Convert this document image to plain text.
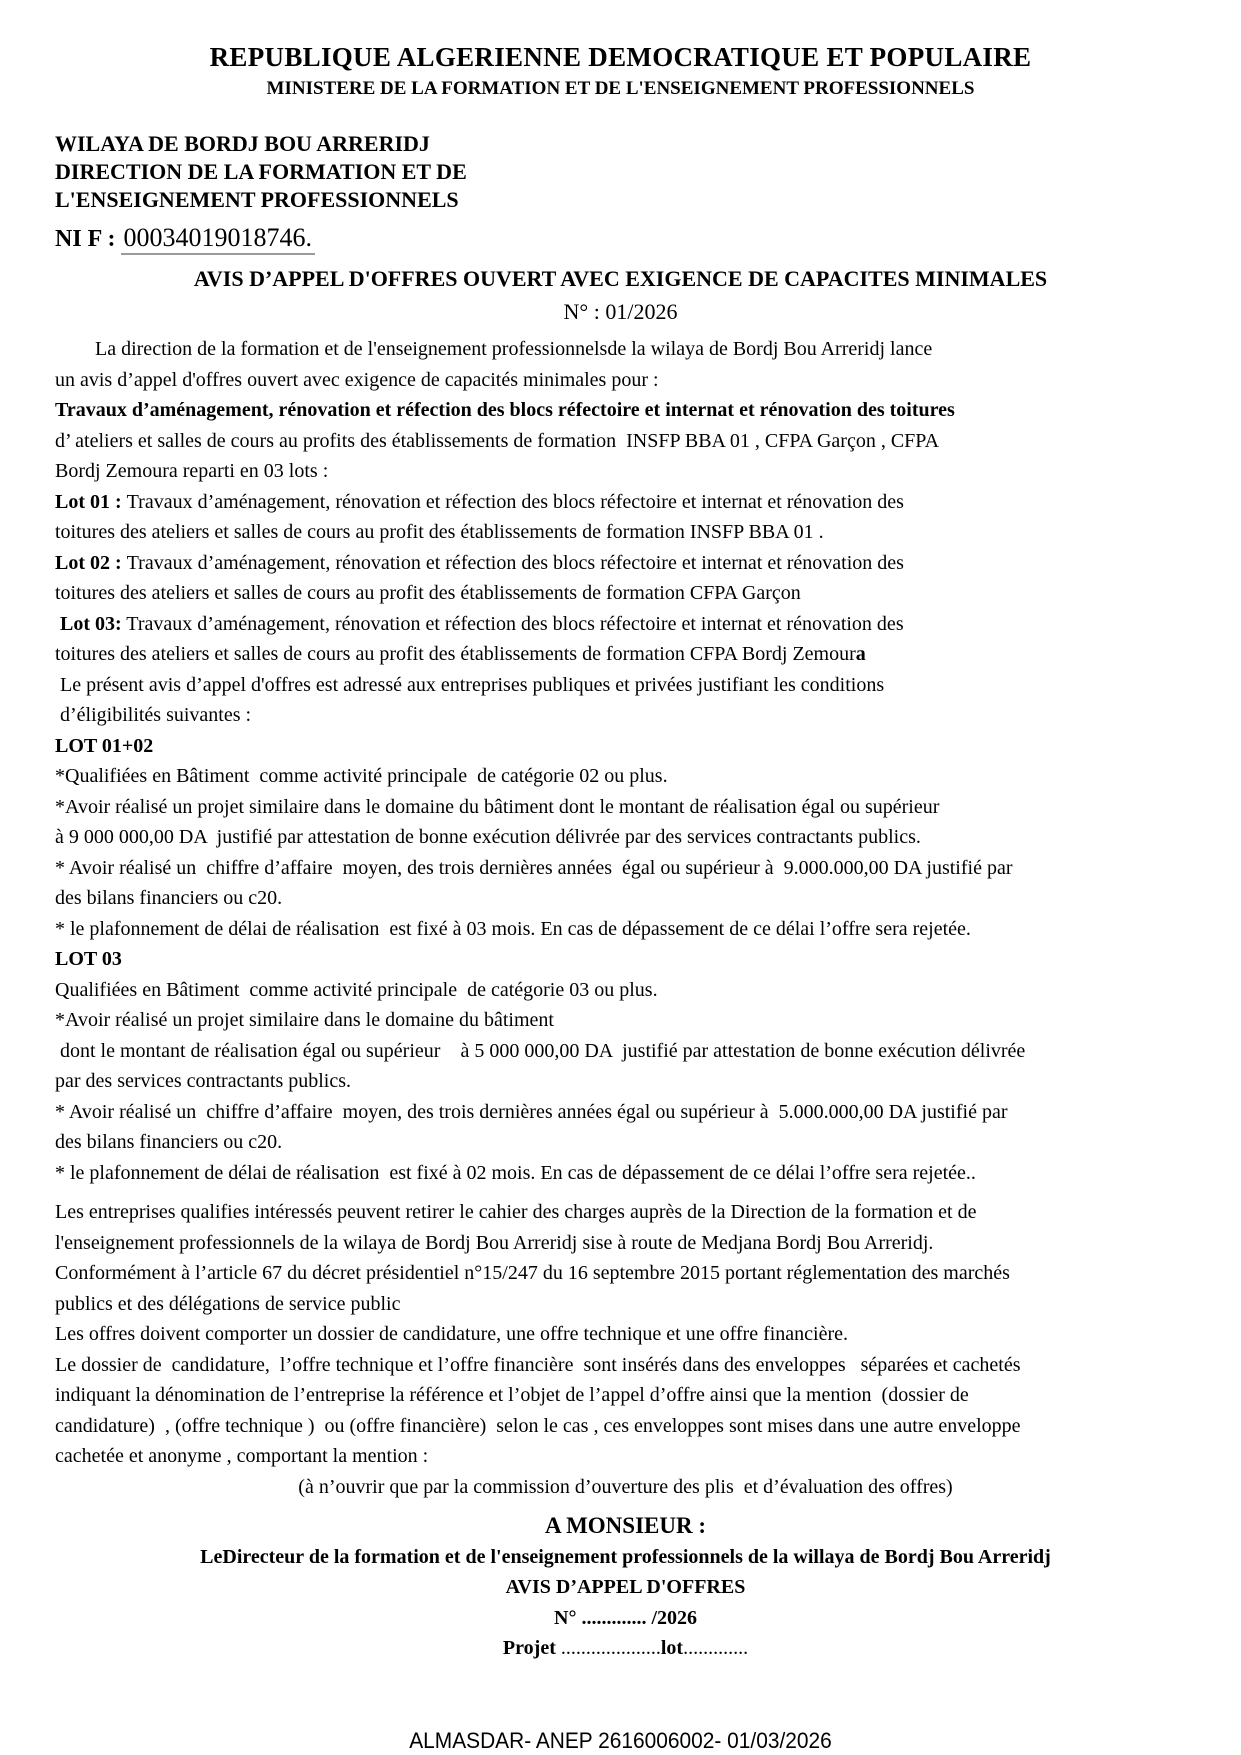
REPUBLIQUE ALGERIENNE DEMOCRATIQUE ET POPULAIRE
MINISTERE DE LA FORMATION ET DE L'ENSEIGNEMENT PROFESSIONNELS
WILAYA DE BORDJ BOU ARRERIDJ
DIRECTION DE LA FORMATION ET DE
L'ENSEIGNEMENT PROFESSIONNELS
NI F : 00034019018746.
AVIS D’APPEL D'OFFRES OUVERT AVEC EXIGENCE DE CAPACITES MINIMALES
N° : 01/2026
La direction de la formation et de l'enseignement professionnelsde la wilaya de Bordj Bou Arreridj lance
un avis d’appel d'offres ouvert avec exigence de capacités minimales pour :
Travaux d’aménagement, rénovation et réfection des blocs réfectoire et internat et rénovation des toitures
d’ ateliers et salles de cours au profits des établissements de formation  INSFP BBA 01 , CFPA Garçon , CFPA
Bordj Zemoura reparti en 03 lots :
Lot 01 : Travaux d’aménagement, rénovation et réfection des blocs réfectoire et internat et rénovation des
toitures des ateliers et salles de cours au profit des établissements de formation INSFP BBA 01 .
Lot 02 : Travaux d’aménagement, rénovation et réfection des blocs réfectoire et internat et rénovation des
toitures des ateliers et salles de cours au profit des établissements de formation CFPA Garçon
Lot 03: Travaux d’aménagement, rénovation et réfection des blocs réfectoire et internat et rénovation des
toitures des ateliers et salles de cours au profit des établissements de formation CFPA Bordj Zemoura
Le présent avis d’appel d'offres est adressé aux entreprises publiques et privées justifiant les conditions
d’éligibilités suivantes :
LOT 01+02
*Qualifiées en Bâtiment  comme activité principale  de catégorie 02 ou plus.
*Avoir réalisé un projet similaire dans le domaine du bâtiment dont le montant de réalisation égal ou supérieur
à 9 000 000,00 DA  justifié par attestation de bonne exécution délivrée par des services contractants publics.
* Avoir réalisé un  chiffre d’affaire  moyen, des trois dernières années  égal ou supérieur à  9.000.000,00 DA justifié par
des bilans financiers ou c20.
* le plafonnement de délai de réalisation  est fixé à 03 mois. En cas de dépassement de ce délai l’offre sera rejetée.
LOT 03
Qualifiées en Bâtiment  comme activité principale  de catégorie 03 ou plus.
*Avoir réalisé un projet similaire dans le domaine du bâtiment
dont le montant de réalisation égal ou supérieur    à 5 000 000,00 DA  justifié par attestation de bonne exécution délivrée
par des services contractants publics.
* Avoir réalisé un  chiffre d’affaire  moyen, des trois dernières années égal ou supérieur à  5.000.000,00 DA justifié par
des bilans financiers ou c20.
* le plafonnement de délai de réalisation  est fixé à 02 mois. En cas de dépassement de ce délai l’offre sera rejetée..
Les entreprises qualifies intéressés peuvent retirer le cahier des charges auprès de la Direction de la formation et de
l'enseignement professionnels de la wilaya de Bordj Bou Arreridj sise à route de Medjana Bordj Bou Arreridj.
Conformément à l’article 67 du décret présidentiel n°15/247 du 16 septembre 2015 portant réglementation des marchés
publics et des délégations de service public
Les offres doivent comporter un dossier de candidature, une offre technique et une offre financière.
Le dossier de  candidature,  l’offre technique et l’offre financière  sont insérés dans des enveloppes   séparées et cachetés
indiquant la dénomination de l’entreprise la référence et l’objet de l’appel d’offre ainsi que la mention  (dossier de
candidature)  , (offre technique )  ou (offre financière)  selon le cas , ces enveloppes sont mises dans une autre enveloppe
cachetée et anonyme , comportant la mention :
(à n’ouvrir que par la commission d’ouverture des plis  et d’évaluation des offres)
A MONSIEUR :
LeDirecteur de la formation et de l'enseignement professionnels de la willaya de Bordj Bou Arreridj
AVIS D’APPEL D'OFFRES
N° ............. /2026
Projet ....................lot.............
ALMASDAR- ANEP 2616006002- 01/03/2026
